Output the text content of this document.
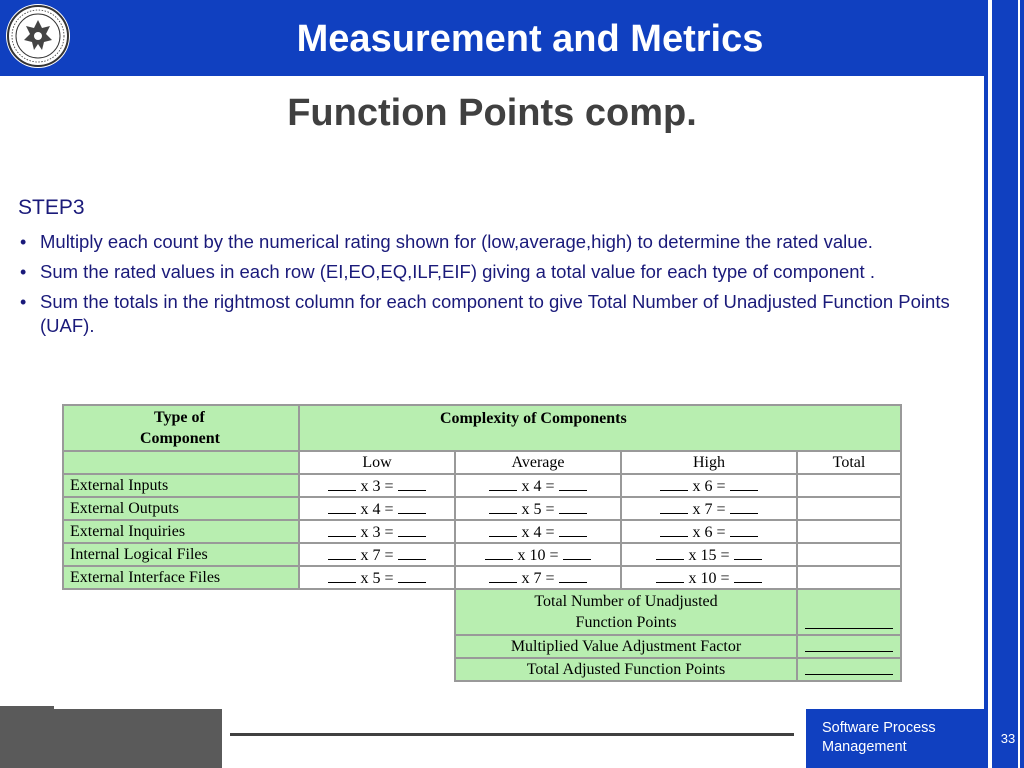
Measurement and Metrics
Function Points comp.

STEP3

• Multiply each count by the numerical rating shown for (low,average,high) to determine the rated value.
• Sum the rated values in each row (EI,EO,EQ,ILF,EIF) giving a total value for each type of component .
• Sum the totals in the rightmost column for each component to give Total Number of Unadjusted Function Points (UAF).
Type of
Component	Complexity of Components			
	Low	Average	High	Total
External Inputs	x 3 =	x 4 =	x 6 =	
External Outputs	x 4 =	x 5 =	x 7 =	
External Inquiries	x 3 =	x 4 =	x 6 =	
Internal Logical Files	x 7 =	x 10 =	x 15 =	
External Interface Files	x 5 =	x 7 =	x 10 =	
		Total Number of Unadjusted
Function Points		
		Multiplied Value Adjustment Factor		
		Total Adjusted Function Points		
Software Process
Management
33
